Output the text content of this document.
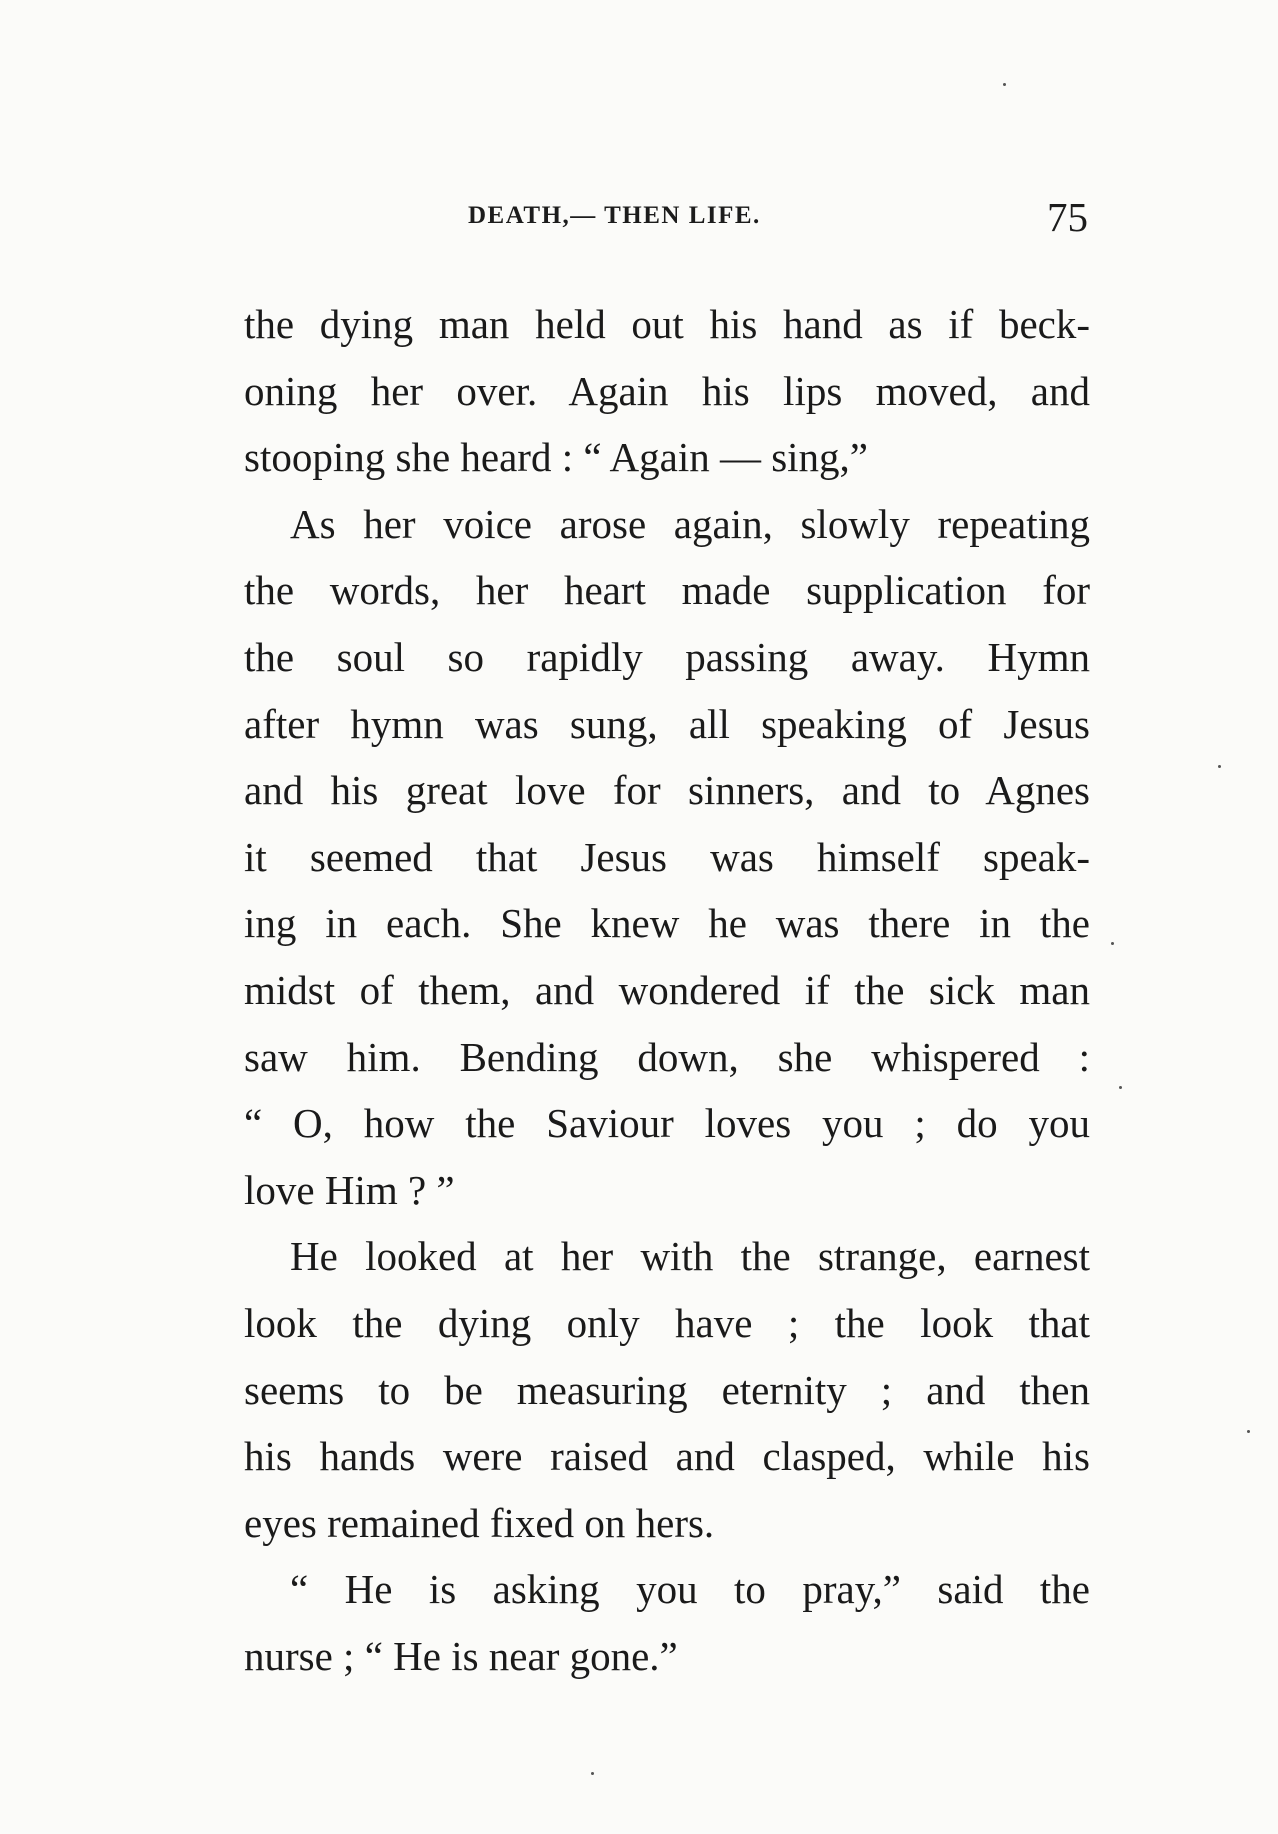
DEATH,— THEN LIFE.	75
the dying man held out his hand as if beck-
oning her over. Again his lips moved, and
stooping she heard : “ Again — sing,”
As her voice arose again, slowly repeating
the words, her heart made supplication for
the soul so rapidly passing away. Hymn
after hymn was sung, all speaking of Jesus
and his great love for sinners, and to Agnes
it seemed that Jesus was himself speak-
ing in each. She knew he was there in the
midst of them, and wondered if the sick man
saw him. Bending down, she whispered :
“ O, how the Saviour loves you ; do you
love Him ? ”
He looked at her with the strange, earnest
look the dying only have ; the look that
seems to be measuring eternity ; and then
his hands were raised and clasped, while his
eyes remained fixed on hers.
“ He is asking you to pray,” said the
nurse ; “ He is near gone.”
